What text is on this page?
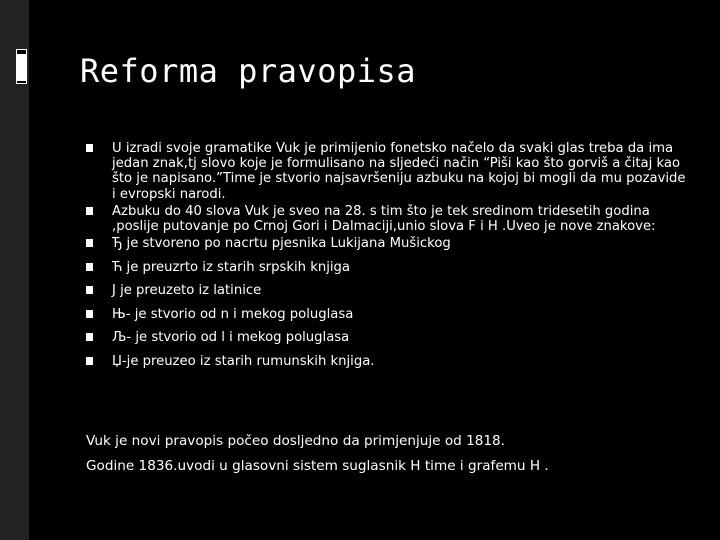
Reforma pravopisa
U izradi svoje gramatike Vuk je primijenio fonetsko načelo da svaki glas treba da ima jedan znak,tj slovo koje je formulisano na sljedeći način “Piši kao što gorviš a čitaj kao što je napisano.”Time je stvorio najsavršeniju azbuku na kojoj bi mogli da mu pozavide i evropski narodi.
Azbuku do 40 slova Vuk je sveo na 28. s tim što je tek sredinom tridesetih godina ,poslije putovanje po Crnoj Gori i Dalmaciji,unio slova F i H .Uveo je nove znakove:
Ђ je stvoreno po nacrtu pjesnika Lukijana Mušickog
Ћ je preuzrto iz starih srpskih knjiga
J je preuzeto iz latinice
Њ- je stvorio od n i mekog poluglasa
Љ- je stvorio od l i mekog poluglasa
Џ-je preuzeo iz starih rumunskih knjiga.

Vuk je novi pravopis počeo dosljedno da primjenjuje od 1818.

Godine 1836.uvodi u glasovni sistem suglasnik H time i grafemu H .
